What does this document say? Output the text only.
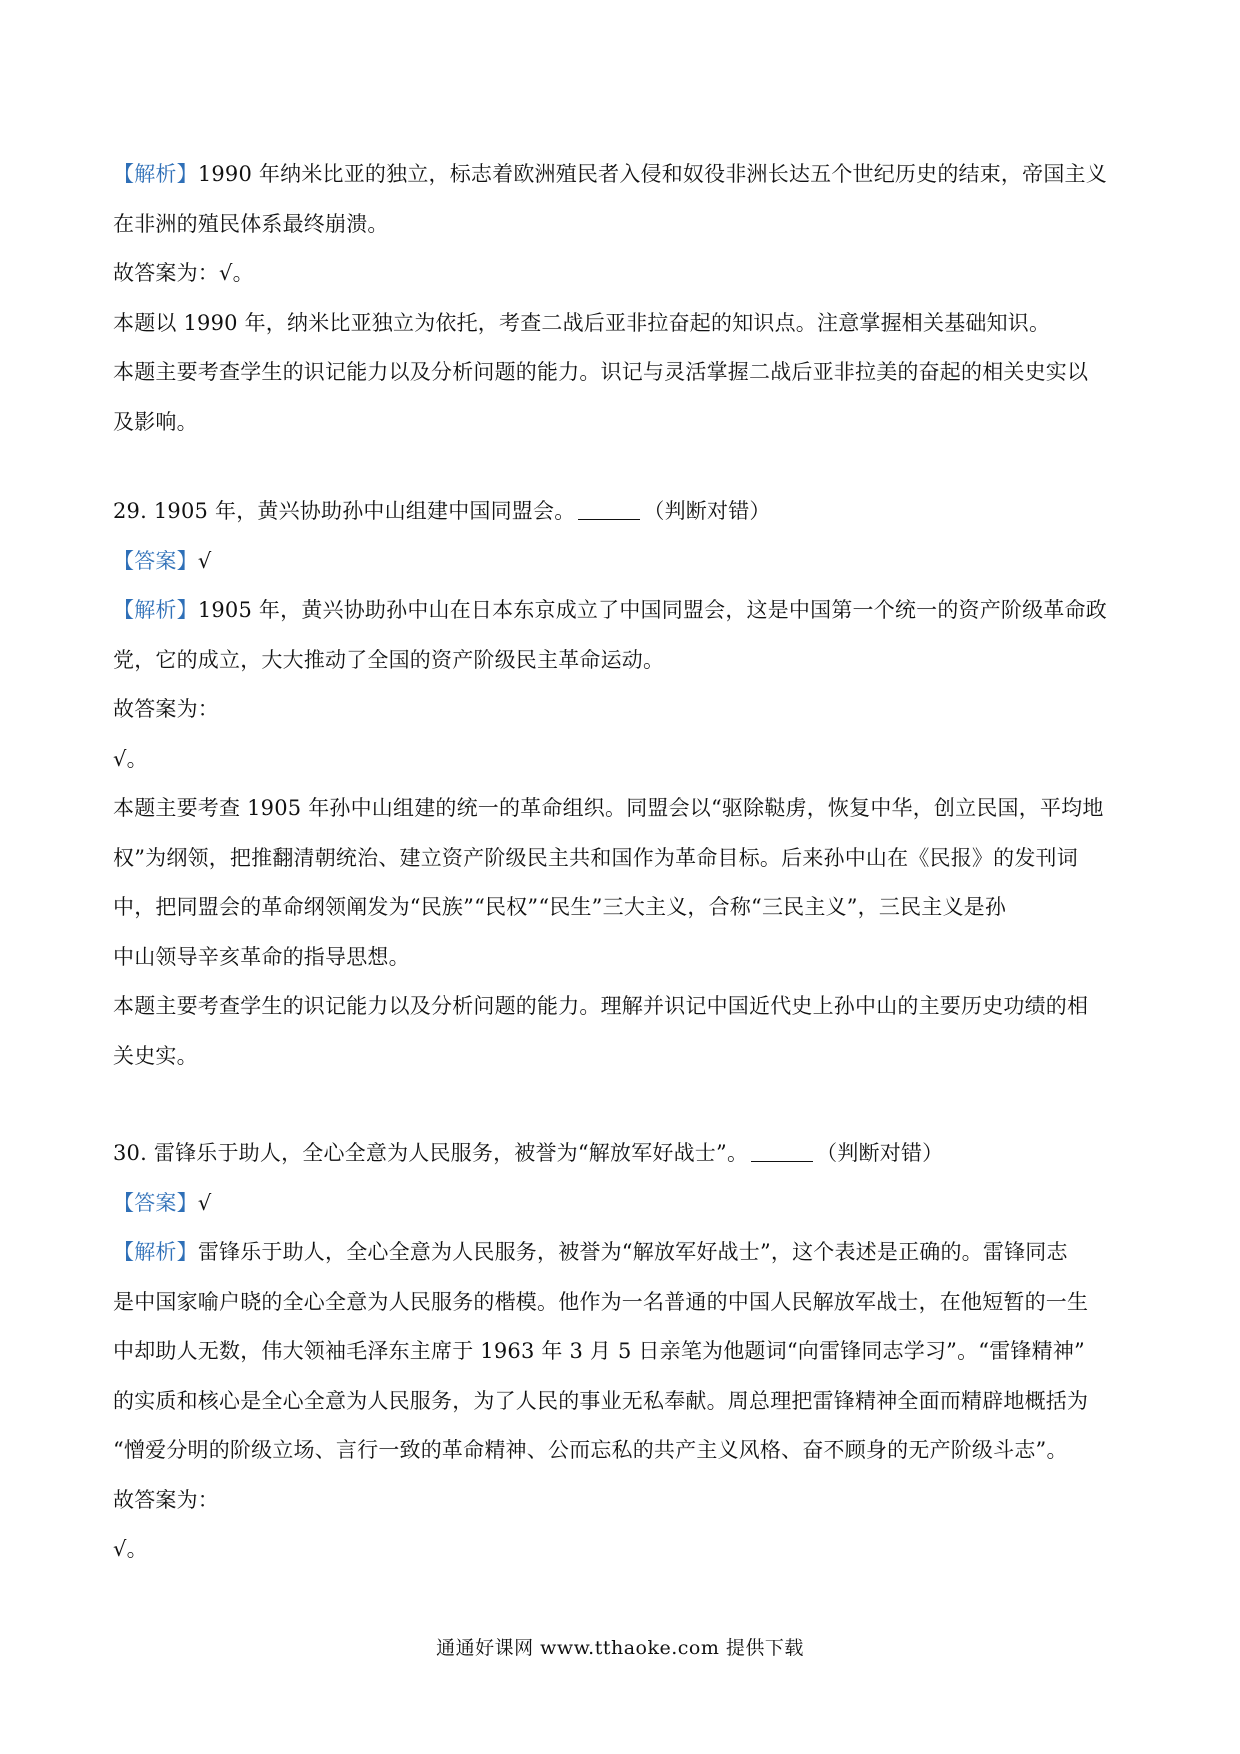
【解析】1990 年纳米比亚的独立，标志着欧洲殖民者入侵和奴役非洲长达五个世纪历史的结束，帝国主义
在非洲的殖民体系最终崩溃。
故答案为：√。
本题以 1990 年，纳米比亚独立为依托，考查二战后亚非拉奋起的知识点。注意掌握相关基础知识。
本题主要考查学生的识记能力以及分析问题的能力。识记与灵活掌握二战后亚非拉美的奋起的相关史实以
及影响。
29. 1905 年，黄兴协助孙中山组建中国同盟会。	（判断对错）
【答案】√
【解析】1905 年，黄兴协助孙中山在日本东京成立了中国同盟会，这是中国第一个统一的资产阶级革命政
党，它的成立，大大推动了全国的资产阶级民主革命运动。
故答案为：
√。
本题主要考查 1905 年孙中山组建的统一的革命组织。同盟会以“驱除鞑虏，恢复中华，创立民国，平均地
权”为纲领，把推翻清朝统治、建立资产阶级民主共和国作为革命目标。后来孙中山在《民报》的发刊词
中，把同盟会的革命纲领阐发为“民族”“民权”“民生”三大主义，合称“三民主义”，三民主义是孙
中山领导辛亥革命的指导思想。
本题主要考查学生的识记能力以及分析问题的能力。理解并识记中国近代史上孙中山的主要历史功绩的相
关史实。
30. 雷锋乐于助人，全心全意为人民服务，被誉为“解放军好战士”。	（判断对错）
【答案】√
【解析】雷锋乐于助人，全心全意为人民服务，被誉为“解放军好战士”，这个表述是正确的。雷锋同志
是中国家喻户晓的全心全意为人民服务的楷模。他作为一名普通的中国人民解放军战士，在他短暂的一生
中却助人无数，伟大领袖毛泽东主席于 1963 年 3 月 5 日亲笔为他题词“向雷锋同志学习”。“雷锋精神”
的实质和核心是全心全意为人民服务，为了人民的事业无私奉献。周总理把雷锋精神全面而精辟地概括为
“憎爱分明的阶级立场、言行一致的革命精神、公而忘私的共产主义风格、奋不顾身的无产阶级斗志”。
故答案为：
√。
通通好课网 www.tthaoke.com 提供下载
